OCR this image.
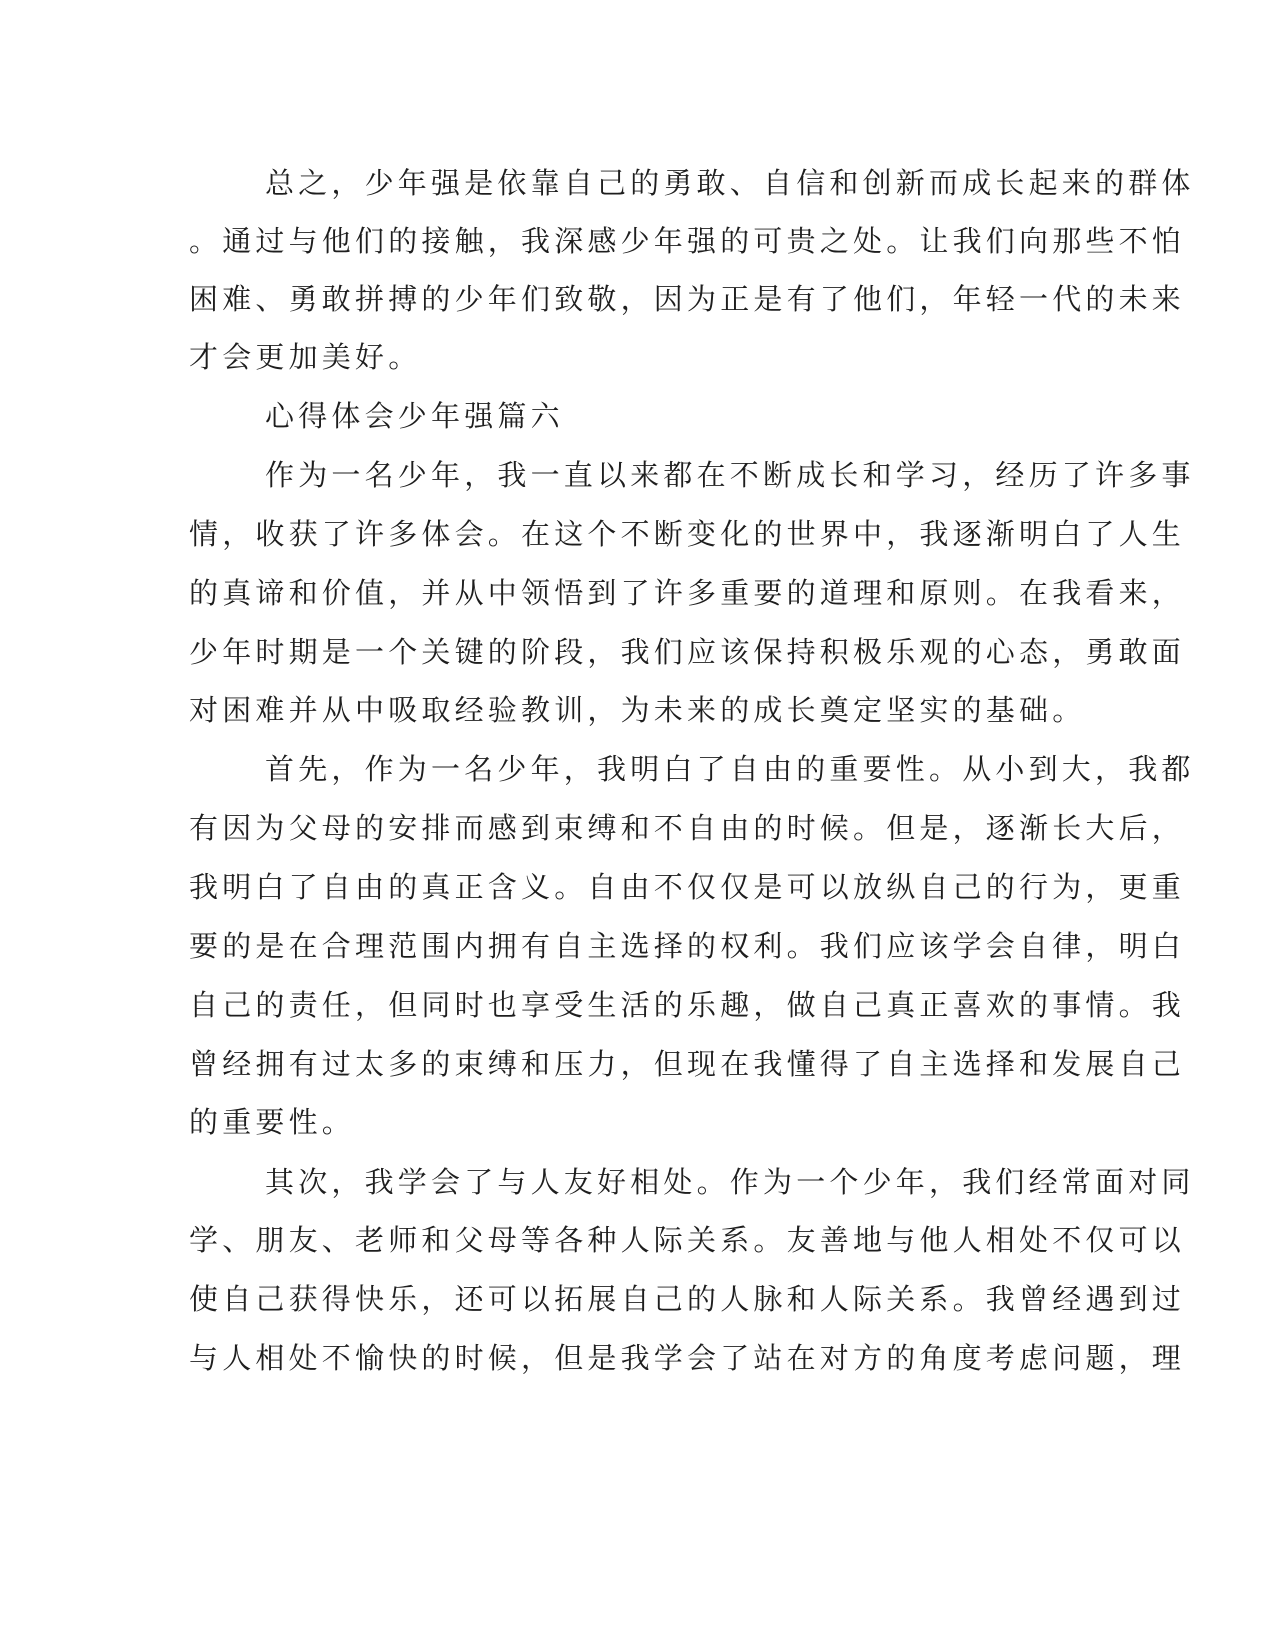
总之，少年强是依靠自己的勇敢、自信和创新而成长起来的群体

。通过与他们的接触，我深感少年强的可贵之处。让我们向那些不怕

困难、勇敢拼搏的少年们致敬，因为正是有了他们，年轻一代的未来

才会更加美好。

心得体会少年强篇六

作为一名少年，我一直以来都在不断成长和学习，经历了许多事

情，收获了许多体会。在这个不断变化的世界中，我逐渐明白了人生

的真谛和价值，并从中领悟到了许多重要的道理和原则。在我看来，

少年时期是一个关键的阶段，我们应该保持积极乐观的心态，勇敢面

对困难并从中吸取经验教训，为未来的成长奠定坚实的基础。

首先，作为一名少年，我明白了自由的重要性。从小到大，我都

有因为父母的安排而感到束缚和不自由的时候。但是，逐渐长大后，

我明白了自由的真正含义。自由不仅仅是可以放纵自己的行为，更重

要的是在合理范围内拥有自主选择的权利。我们应该学会自律，明白

自己的责任，但同时也享受生活的乐趣，做自己真正喜欢的事情。我

曾经拥有过太多的束缚和压力，但现在我懂得了自主选择和发展自己

的重要性。

其次，我学会了与人友好相处。作为一个少年，我们经常面对同

学、朋友、老师和父母等各种人际关系。友善地与他人相处不仅可以

使自己获得快乐，还可以拓展自己的人脉和人际关系。我曾经遇到过

与人相处不愉快的时候，但是我学会了站在对方的角度考虑问题，理
